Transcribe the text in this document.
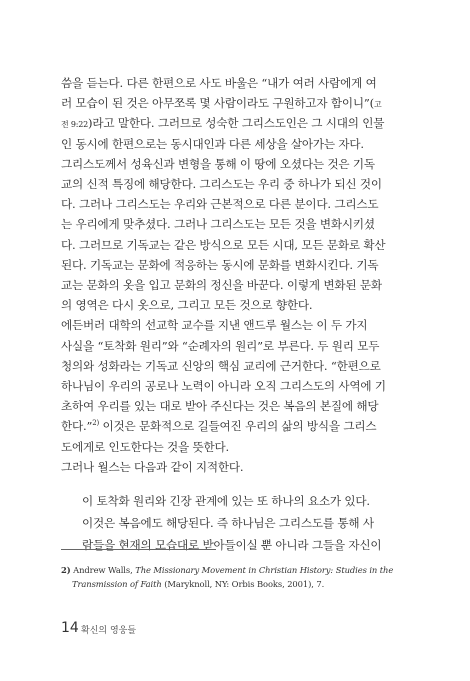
씀을 듣는다. 다른 한편으로 사도 바울은 “내가 여러 사람에게 여
러 모습이 된 것은 아무쪼록 몇 사람이라도 구원하고자 함이니”(고
전 9:22)라고 말한다. 그러므로 성숙한 그리스도인은 그 시대의 인물
인 동시에 한편으로는 동시대인과 다른 세상을 살아가는 자다.
그리스도께서 성육신과 변형을 통해 이 땅에 오셨다는 것은 기독
교의 신적 특징에 해당한다. 그리스도는 우리 중 하나가 되신 것이
다. 그러나 그리스도는 우리와 근본적으로 다른 분이다. 그리스도
는 우리에게 맞추셨다. 그러나 그리스도는 모든 것을 변화시키셨
다. 그러므로 기독교는 같은 방식으로 모든 시대, 모든 문화로 확산
된다. 기독교는 문화에 적응하는 동시에 문화를 변화시킨다. 기독
교는 문화의 옷을 입고 문화의 정신을 바꾼다. 이렇게 변화된 문화
의 영역은 다시 옷으로, 그리고 모든 것으로 향한다.
에든버러 대학의 선교학 교수를 지낸 앤드루 월스는 이 두 가지
사실을 “토착화 원리”와 “순례자의 원리”로 부른다. 두 원리 모두
청의와 성화라는 기독교 신앙의 핵심 교리에 근거한다. “한편으로
하나님이 우리의 공로나 노력이 아니라 오직 그리스도의 사역에 기
초하여 우리를 있는 대로 받아 주신다는 것은 복음의 본질에 해당
한다.”$^{2)}$ 이것은 문화적으로 길들여진 우리의 삶의 방식을 그리스
도에게로 인도한다는 것을 뜻한다.
그러나 월스는 다음과 같이 지적한다.
이 토착화 원리와 긴장 관계에 있는 또 하나의 요소가 있다.
이것은 복음에도 해당된다. 즉 하나님은 그리스도를 통해 사
람들을 현재의 모습대로 받아들이실 뿐 아니라 그들을 자신이
2) Andrew Walls, The Missionary Movement in Christian History: Studies in the
Transmission of Faith (Maryknoll, NY: Orbis Books, 2001), 7.
14 확신의 영웅들
